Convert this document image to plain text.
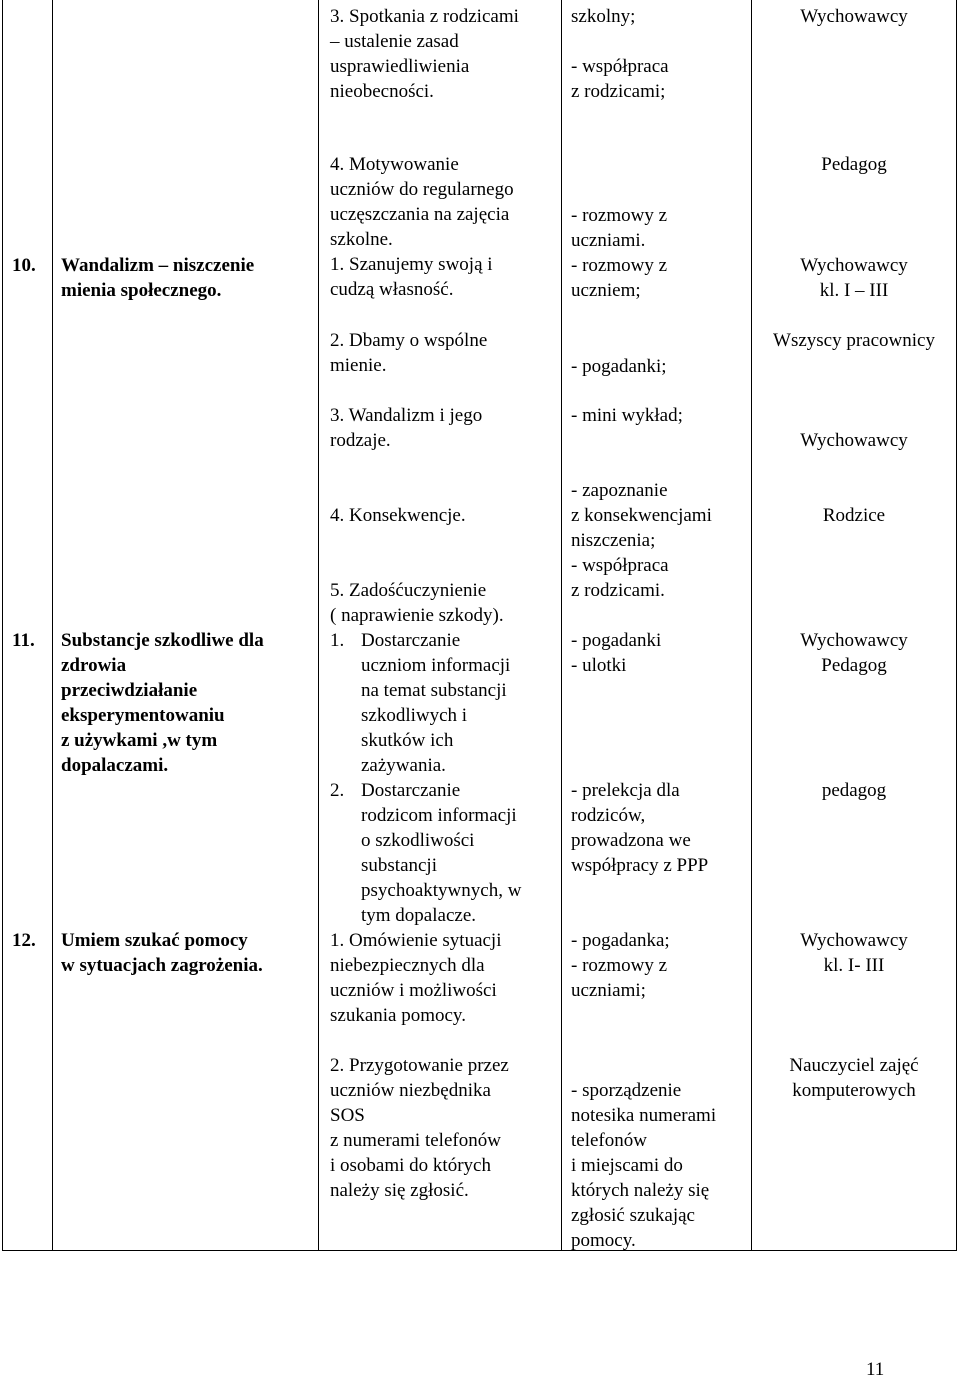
3. Spotkania z rodzicami
– ustalenie zasad
usprawiedliwienia
nieobecności.
szkolny;

- współpraca
z rodzicami;
Wychowawcy
10. Wandalizm – niszczenie
mienia społecznego.
4. Motywowanie
uczniów do regularnego
uczęszczania na zajęcia
szkolne.
1. Szanujemy swoją i
cudzą własność.
2. Dbamy o wspólne
mienie.
3. Wandalizm i jego
rodzaje.
4. Konsekwencje.
5. Zadośćuczynienie
( naprawienie szkody).
- rozmowy z
uczniami.
- rozmowy z
uczniem;
- pogadanki;
- mini wykład;
- zapoznanie
z konsekwencjami
niszczenia;
- współpraca
z rodzicami.
Pedagog
Wychowawcy
kl. I – III
Wszyscy pracownicy
Wychowawcy
Rodzice
11. Substancje szkodliwe dla
zdrowia
przeciwdziałanie
eksperymentowaniu
z używkami ,w tym
dopalaczami.
1. Dostarczanie
uczniom informacji
na temat substancji
szkodliwych i
skutków ich
zażywania.
2. Dostarczanie
rodzicom informacji
o szkodliwości
substancji
psychoaktywnych, w
tym dopalacze.
- pogadanki
- ulotki
- prelekcja dla
rodziców,
prowadzona we
współpracy z PPP
Wychowawcy
Pedagog
pedagog
12. Umiem szukać pomocy
w sytuacjach zagrożenia.
1. Omówienie sytuacji
niebezpiecznych dla
uczniów i możliwości
szukania pomocy.
2. Przygotowanie przez
uczniów niezbędnika
SOS
z numerami telefonów
i osobami do których
należy się zgłosić.
- pogadanka;
- rozmowy z
uczniami;
- sporządzenie
notesika numerami
telefonów
i miejscami do
których należy się
zgłosić szukając
pomocy.
Wychowawcy
kl. I- III
Nauczyciel zajęć
komputerowych
11
